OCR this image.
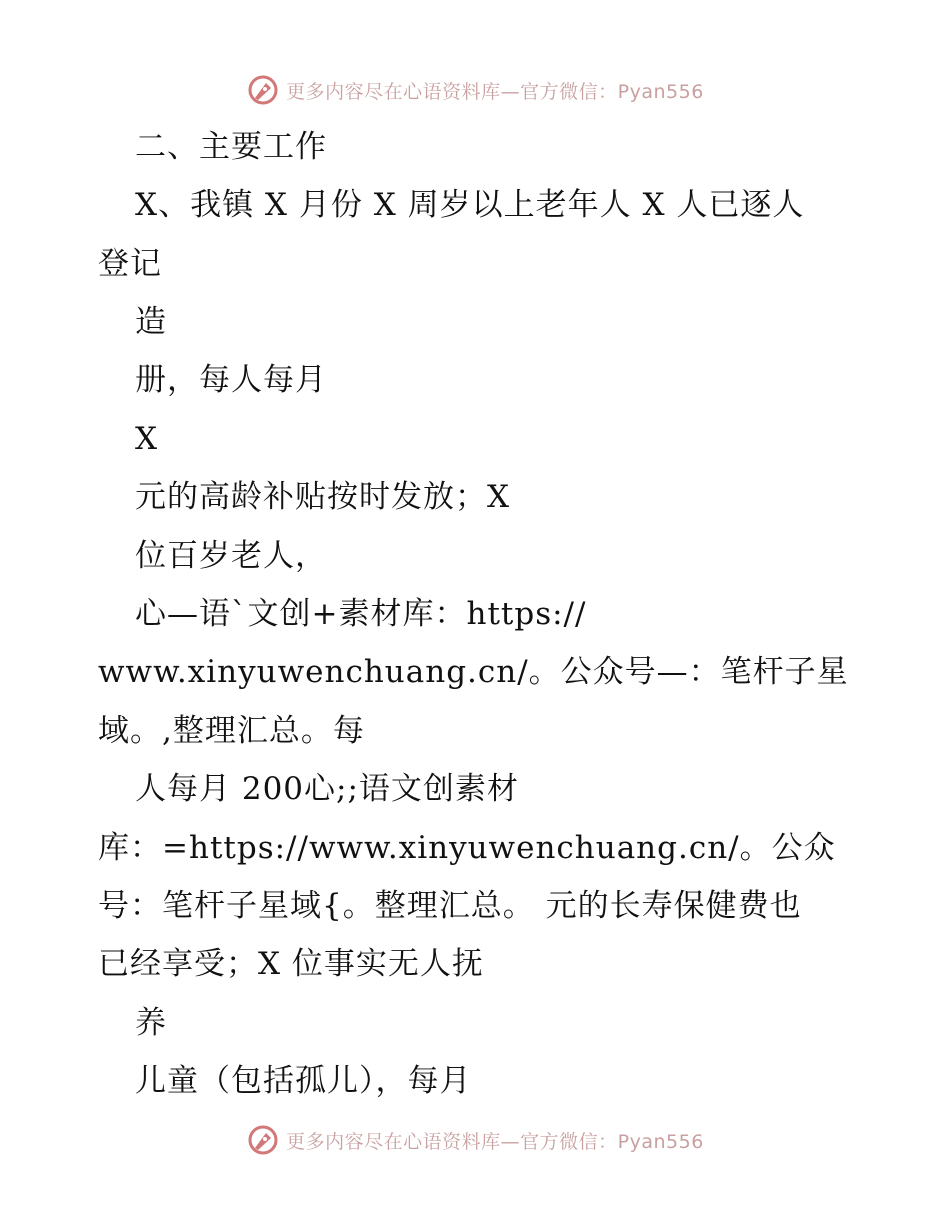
更多内容尽在心语资料库—官方微信：Pyan556
二、主要工作
X、我镇 X 月份 X 周岁以上老年人 X 人已逐人
登记
造
册，每人每月
X
元的高龄补贴按时发放；X
位百岁老人，
心—语`文创+素材库：https://
www.xinyuwenchuang.cn/。公众号—：笔杆子星
域。,整理汇总。每
人每月 200心;;语文创素材
库：=https://www.xinyuwenchuang.cn/。公众
号：笔杆子星域{。整理汇总。 元的长寿保健费也
已经享受；X 位事实无人抚
养
儿童（包括孤儿），每月
更多内容尽在心语资料库—官方微信：Pyan556
